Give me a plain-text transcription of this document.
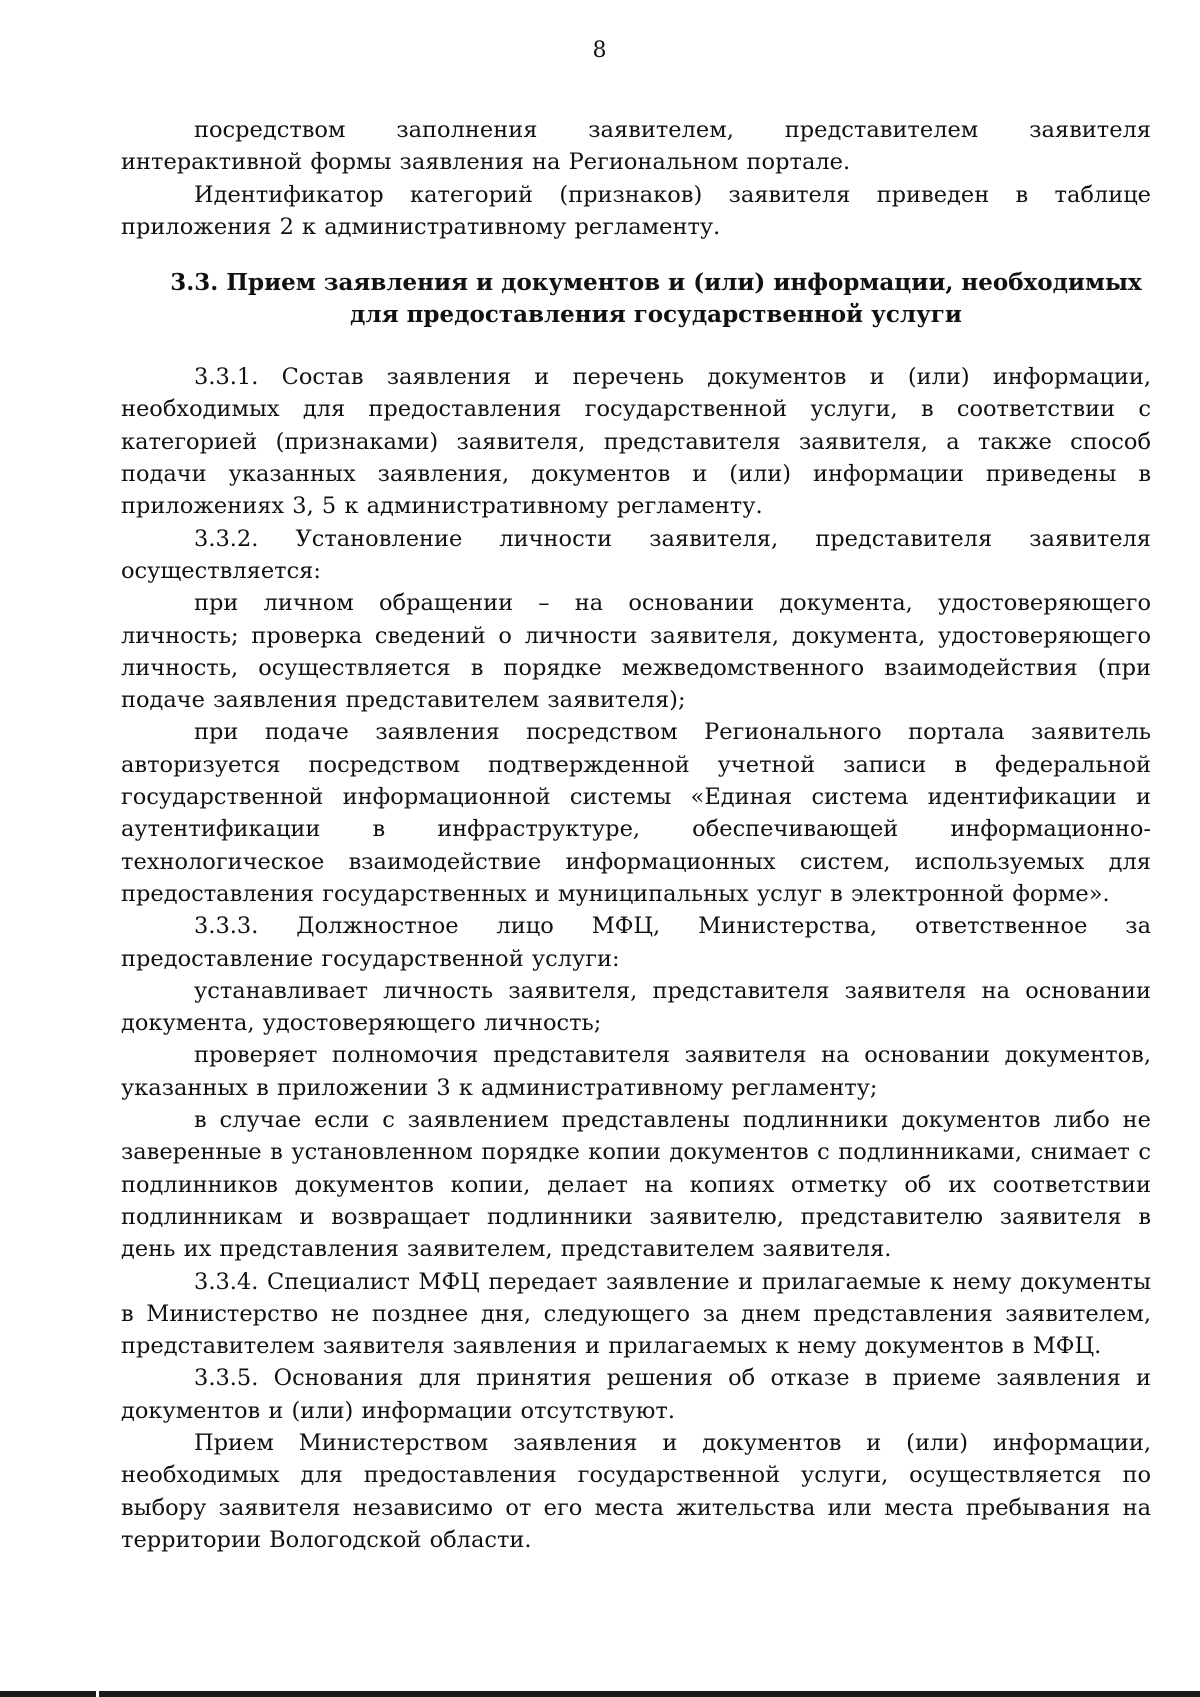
8

посредством заполнения заявителем, представителем заявителя интерактивной формы заявления на Региональном портале.

Идентификатор категорий (признаков) заявителя приведен в таблице приложения 2 к административному регламенту.

3.3. Прием заявления и документов и (или) информации, необходимых
для предоставления государственной услуги

3.3.1. Состав заявления и перечень документов и (или) информации, необходимых для предоставления государственной услуги, в соответствии с категорией (признаками) заявителя, представителя заявителя, а также способ подачи указанных заявления, документов и (или) информации приведены в приложениях 3, 5 к административному регламенту.

3.3.2. Установление личности заявителя, представителя заявителя осуществляется:

при личном обращении – на основании документа, удостоверяющего личность; проверка сведений о личности заявителя, документа, удостоверяющего личность, осуществляется в порядке межведомственного взаимодействия (при подаче заявления представителем заявителя);

при подаче заявления посредством Регионального портала заявитель авторизуется посредством подтвержденной учетной записи в федеральной государственной информационной системы «Единая система идентификации и аутентификации в инфраструктуре, обеспечивающей информационно-технологическое взаимодействие информационных систем, используемых для предоставления государственных и муниципальных услуг в электронной форме».

3.3.3. Должностное лицо МФЦ, Министерства, ответственное за предоставление государственной услуги:

устанавливает личность заявителя, представителя заявителя на основании документа, удостоверяющего личность;

проверяет полномочия представителя заявителя на основании документов, указанных в приложении 3 к административному регламенту;

в случае если с заявлением представлены подлинники документов либо не заверенные в установленном порядке копии документов с подлинниками, снимает с подлинников документов копии, делает на копиях отметку об их соответствии подлинникам и возвращает подлинники заявителю, представителю заявителя в день их представления заявителем, представителем заявителя.

3.3.4. Специалист МФЦ передает заявление и прилагаемые к нему документы в Министерство не позднее дня, следующего за днем представления заявителем, представителем заявителя заявления и прилагаемых к нему документов в МФЦ.

3.3.5. Основания для принятия решения об отказе в приеме заявления и документов и (или) информации отсутствуют.

Прием Министерством заявления и документов и (или) информации, необходимых для предоставления государственной услуги, осуществляется по выбору заявителя независимо от его места жительства или места пребывания на территории Вологодской области.
